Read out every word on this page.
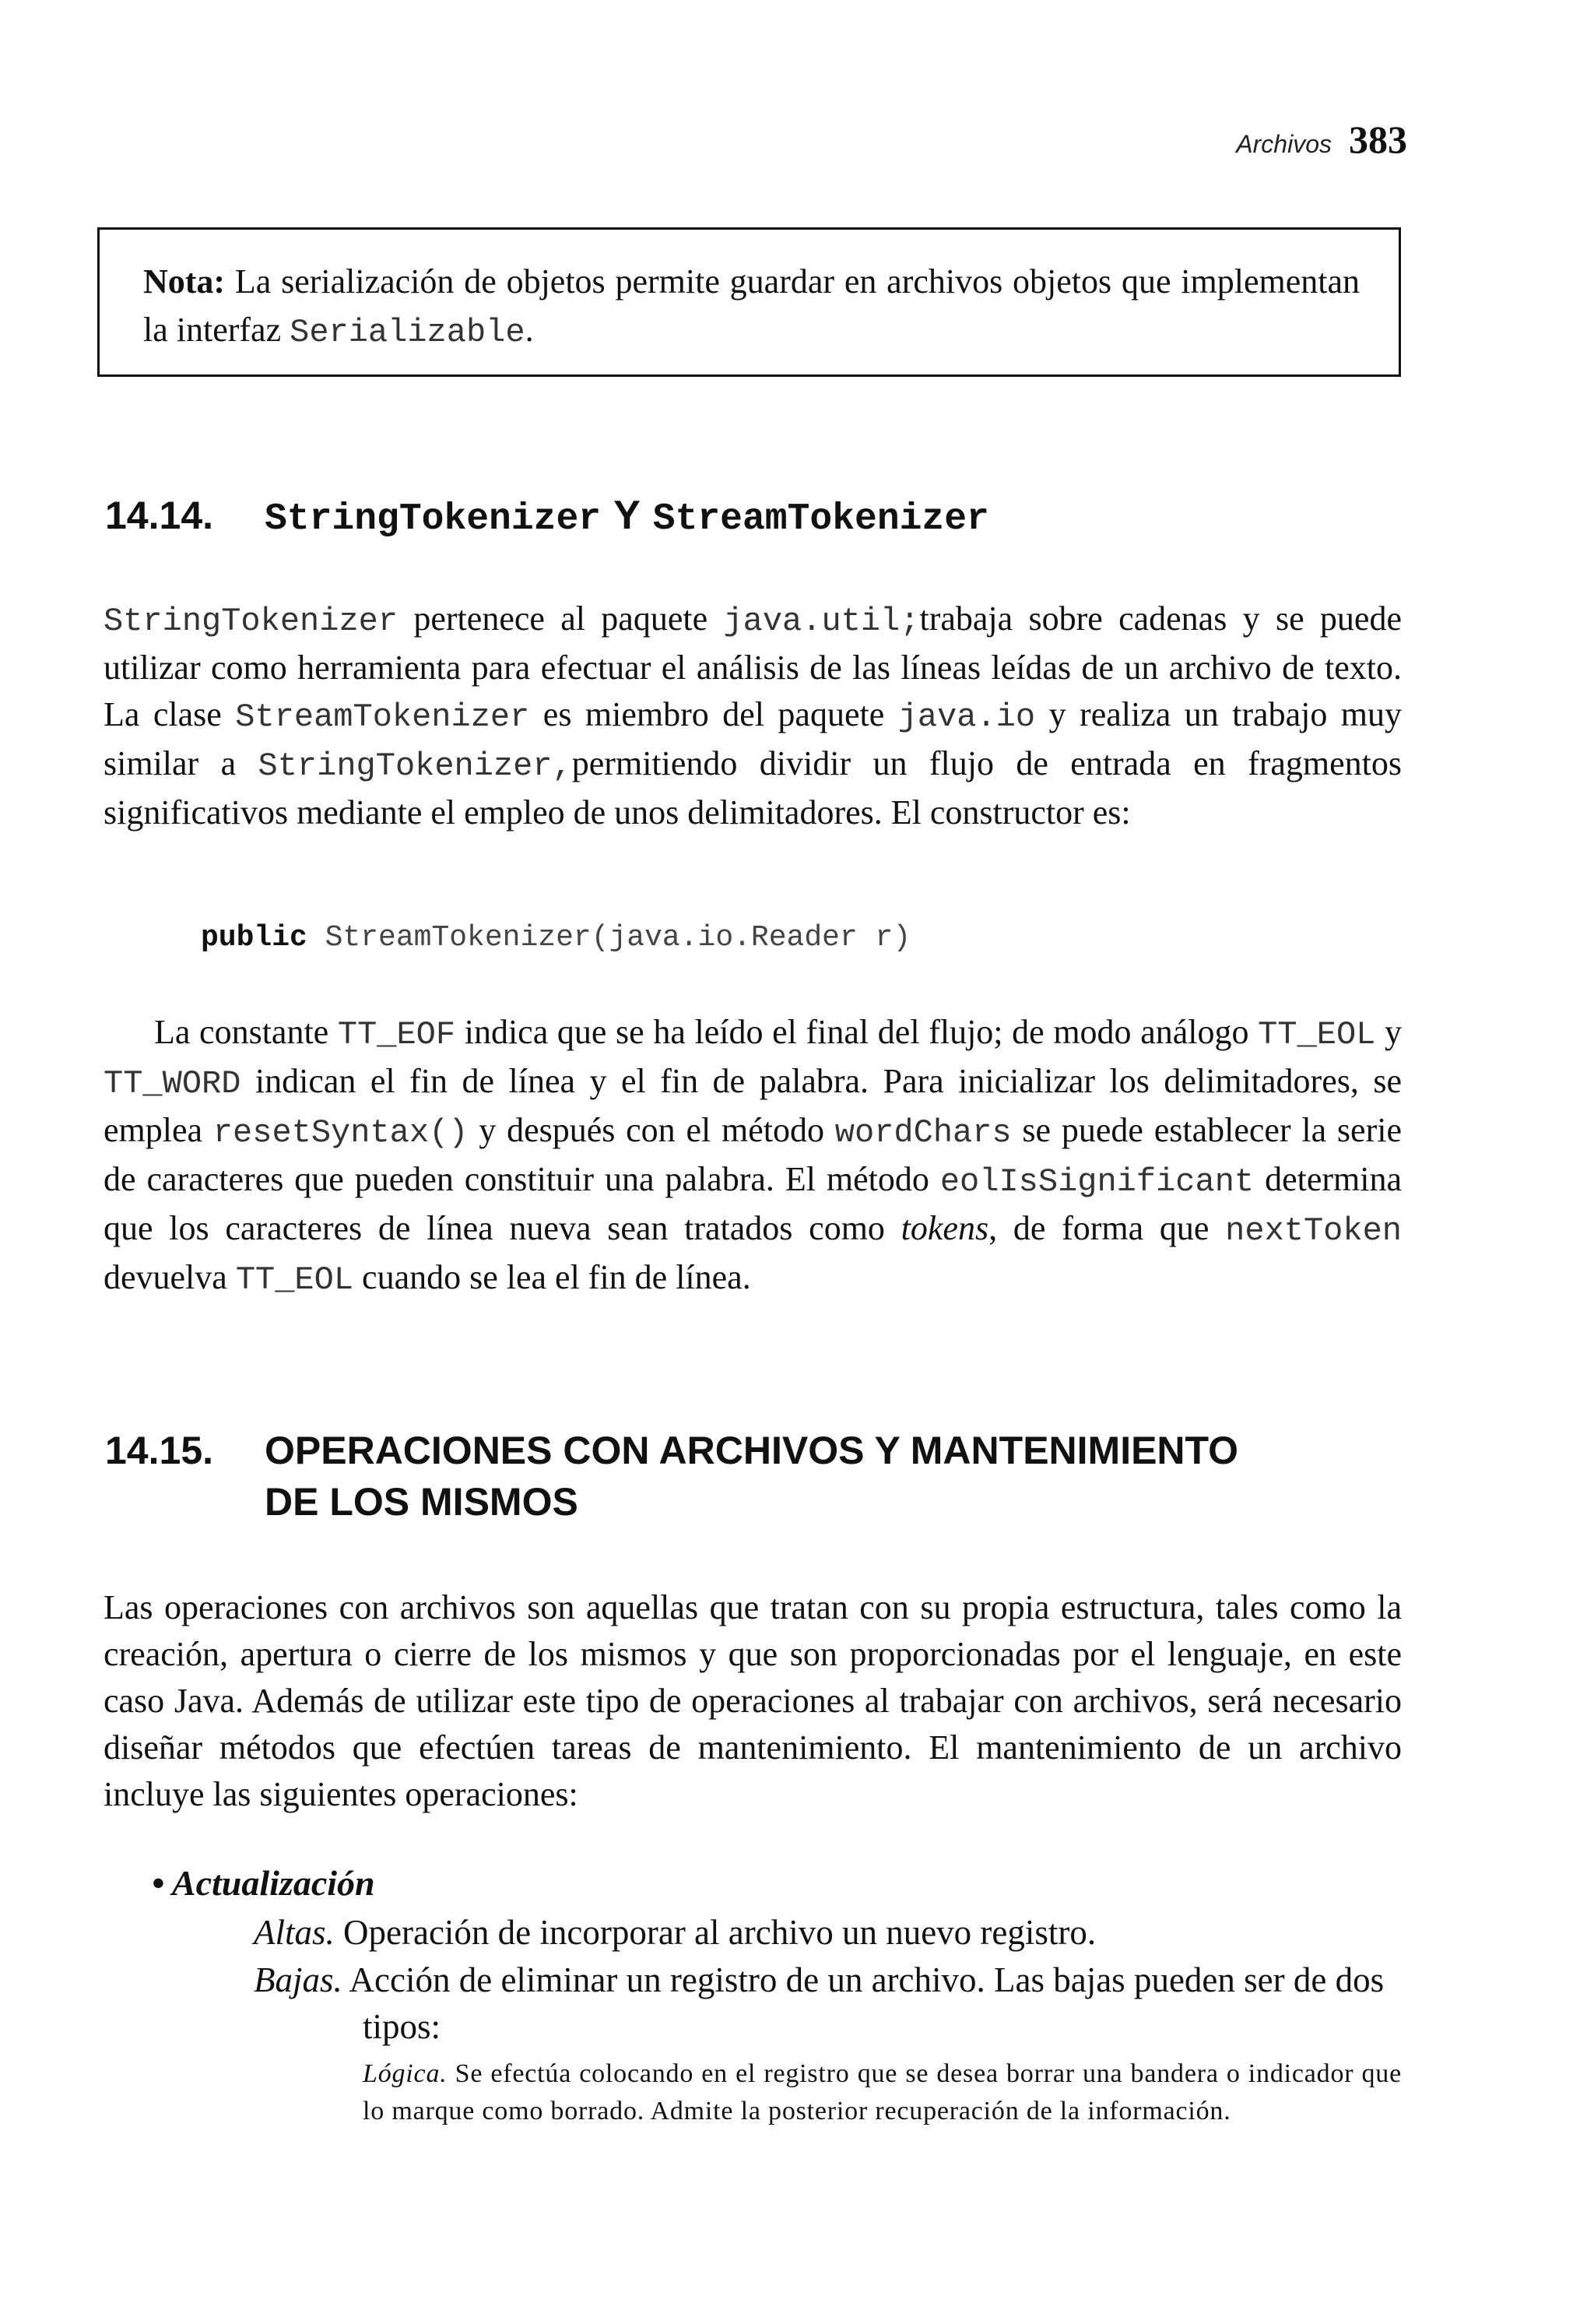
Archivos 383
Nota: La serialización de objetos permite guardar en archivos objetos que implementan la interfaz Serializable.
14.14. StringTokenizer Y StreamTokenizer

StringTokenizer pertenece al paquete java.util;trabaja sobre cadenas y se puede utilizar como herramienta para efectuar el análisis de las líneas leídas de un archivo de texto. La clase StreamTokenizer es miembro del paquete java.io y realiza un trabajo muy similar a StringTokenizer,permitiendo dividir un flujo de entrada en fragmentos significativos mediante el empleo de unos delimitadores. El constructor es:

public StreamTokenizer(java.io.Reader r)

La constante TT_EOF indica que se ha leído el final del flujo; de modo análogo TT_EOL y TT_WORD indican el fin de línea y el fin de palabra. Para inicializar los delimitadores, se emplea resetSyntax() y después con el método wordChars se puede establecer la serie de caracteres que pueden constituir una palabra. El método eolIsSignificant determina que los caracteres de línea nueva sean tratados como tokens, de forma que nextToken devuelva TT_EOL cuando se lea el fin de línea.

14.15. OPERACIONES CON ARCHIVOS Y MANTENIMIENTO
DE LOS MISMOS

Las operaciones con archivos son aquellas que tratan con su propia estructura, tales como la creación, apertura o cierre de los mismos y que son proporcionadas por el lenguaje, en este caso Java. Además de utilizar este tipo de operaciones al trabajar con archivos, será necesario diseñar métodos que efectúen tareas de mantenimiento. El mantenimiento de un archivo incluye las siguientes operaciones:

• Actualización
Altas. Operación de incorporar al archivo un nuevo registro.
Bajas. Acción de eliminar un registro de un archivo. Las bajas pueden ser de dos tipos:
Lógica. Se efectúa colocando en el registro que se desea borrar una bandera o indicador que lo marque como borrado. Admite la posterior recuperación de la información.
